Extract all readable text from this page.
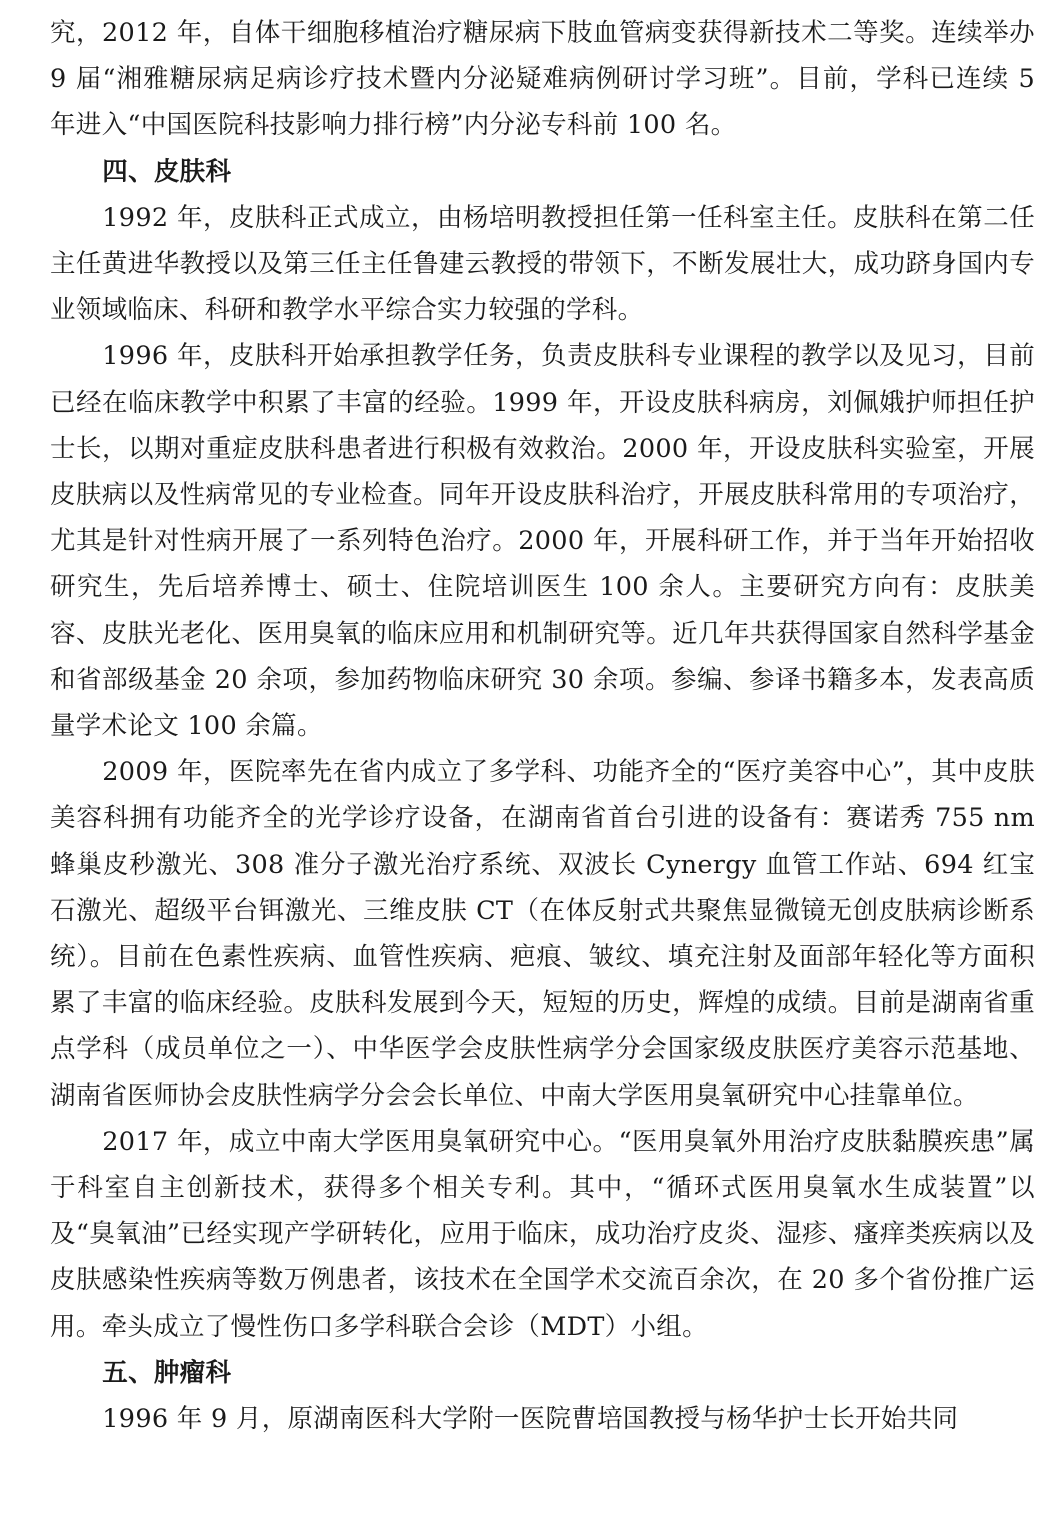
究，2012 年，自体干细胞移植治疗糖尿病下肢血管病变获得新技术二等奖。连续举办 9 届“湘雅糖尿病足病诊疗技术暨内分泌疑难病例研讨学习班”。目前，学科已连续 5 年进入“中国医院科技影响力排行榜”内分泌专科前 100 名。

四、皮肤科

1992 年，皮肤科正式成立，由杨培明教授担任第一任科室主任。皮肤科在第二任主任黄进华教授以及第三任主任鲁建云教授的带领下，不断发展壮大，成功跻身国内专业领域临床、科研和教学水平综合实力较强的学科。

1996 年，皮肤科开始承担教学任务，负责皮肤科专业课程的教学以及见习，目前已经在临床教学中积累了丰富的经验。1999 年，开设皮肤科病房，刘佩娥护师担任护士长，以期对重症皮肤科患者进行积极有效救治。2000 年，开设皮肤科实验室，开展皮肤病以及性病常见的专业检查。同年开设皮肤科治疗，开展皮肤科常用的专项治疗，尤其是针对性病开展了一系列特色治疗。2000 年，开展科研工作，并于当年开始招收研究生，先后培养博士、硕士、住院培训医生 100 余人。主要研究方向有：皮肤美容、皮肤光老化、医用臭氧的临床应用和机制研究等。近几年共获得国家自然科学基金和省部级基金 20 余项，参加药物临床研究 30 余项。参编、参译书籍多本，发表高质量学术论文 100 余篇。

2009 年，医院率先在省内成立了多学科、功能齐全的“医疗美容中心”，其中皮肤美容科拥有功能齐全的光学诊疗设备，在湖南省首台引进的设备有：赛诺秀 755 nm 蜂巢皮秒激光、308 准分子激光治疗系统、双波长 Cynergy 血管工作站、694 红宝石激光、超级平台铒激光、三维皮肤 CT（在体反射式共聚焦显微镜无创皮肤病诊断系统）。目前在色素性疾病、血管性疾病、疤痕、皱纹、填充注射及面部年轻化等方面积累了丰富的临床经验。皮肤科发展到今天，短短的历史，辉煌的成绩。目前是湖南省重点学科（成员单位之一）、中华医学会皮肤性病学分会国家级皮肤医疗美容示范基地、湖南省医师协会皮肤性病学分会会长单位、中南大学医用臭氧研究中心挂靠单位。

2017 年，成立中南大学医用臭氧研究中心。“医用臭氧外用治疗皮肤黏膜疾患”属于科室自主创新技术，获得多个相关专利。其中，“循环式医用臭氧水生成装置”以及“臭氧油”已经实现产学研转化，应用于临床，成功治疗皮炎、湿疹、瘙痒类疾病以及皮肤感染性疾病等数万例患者，该技术在全国学术交流百余次，在 20 多个省份推广运用。牵头成立了慢性伤口多学科联合会诊（MDT）小组。

五、肿瘤科

1996 年 9 月，原湖南医科大学附一医院曹培国教授与杨华护士长开始共同
